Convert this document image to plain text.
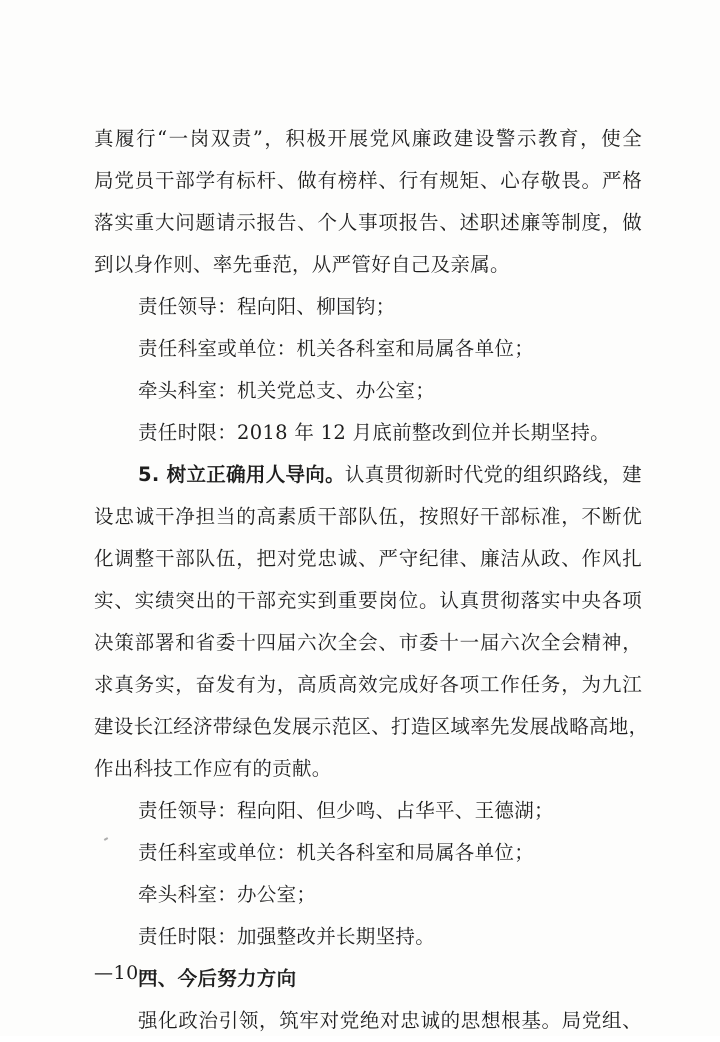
真履行“一岗双责”，积极开展党风廉政建设警示教育，使全
局党员干部学有标杆、做有榜样、行有规矩、心存敬畏。严格
落实重大问题请示报告、个人事项报告、述职述廉等制度，做
到以身作则、率先垂范，从严管好自己及亲属。
责任领导：程向阳、柳国钧；
责任科室或单位：机关各科室和局属各单位；
牵头科室：机关党总支、办公室；
责任时限：2018 年 12 月底前整改到位并长期坚持。
5. 树立正确用人导向。认真贯彻新时代党的组织路线，建
设忠诚干净担当的高素质干部队伍，按照好干部标准，不断优
化调整干部队伍，把对党忠诚、严守纪律、廉洁从政、作风扎
实、实绩突出的干部充实到重要岗位。认真贯彻落实中央各项
决策部署和省委十四届六次全会、市委十一届六次全会精神，
求真务实，奋发有为，高质高效完成好各项工作任务，为九江
建设长江经济带绿色发展示范区、打造区域率先发展战略高地，
作出科技工作应有的贡献。
责任领导：程向阳、但少鸣、占华平、王德湖；
责任科室或单位：机关各科室和局属各单位；
牵头科室：办公室；
责任时限：加强整改并长期坚持。
四、今后努力方向
强化政治引领，筑牢对党绝对忠诚的思想根基。局党组、
—10—
